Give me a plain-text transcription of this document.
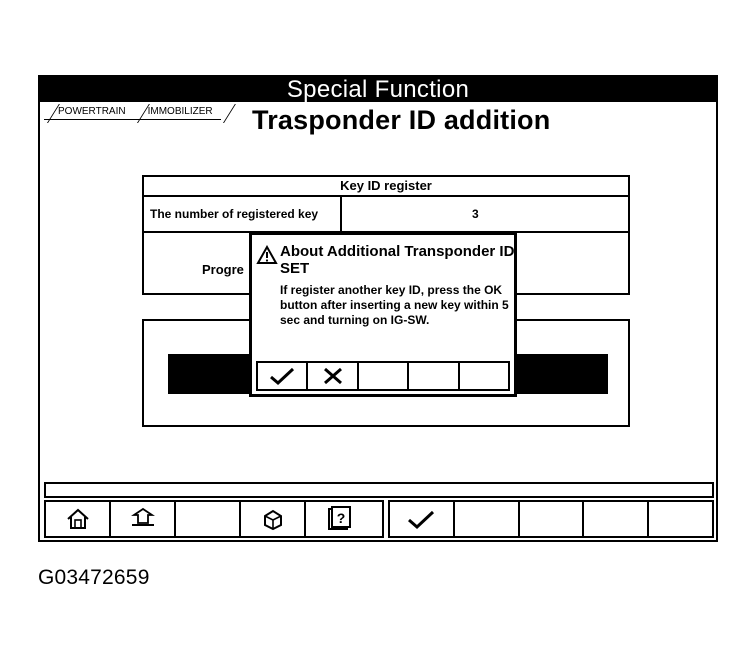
Special Function
POWERTRAIN	IMMOBILIZER Trasponder ID addition
Key ID register
The number of registered key	3
Progre
?
About Additional Transponder ID SET
If register another key ID, press the OK button after inserting a new key within 5 sec and turning on IG-SW.
G03472659
